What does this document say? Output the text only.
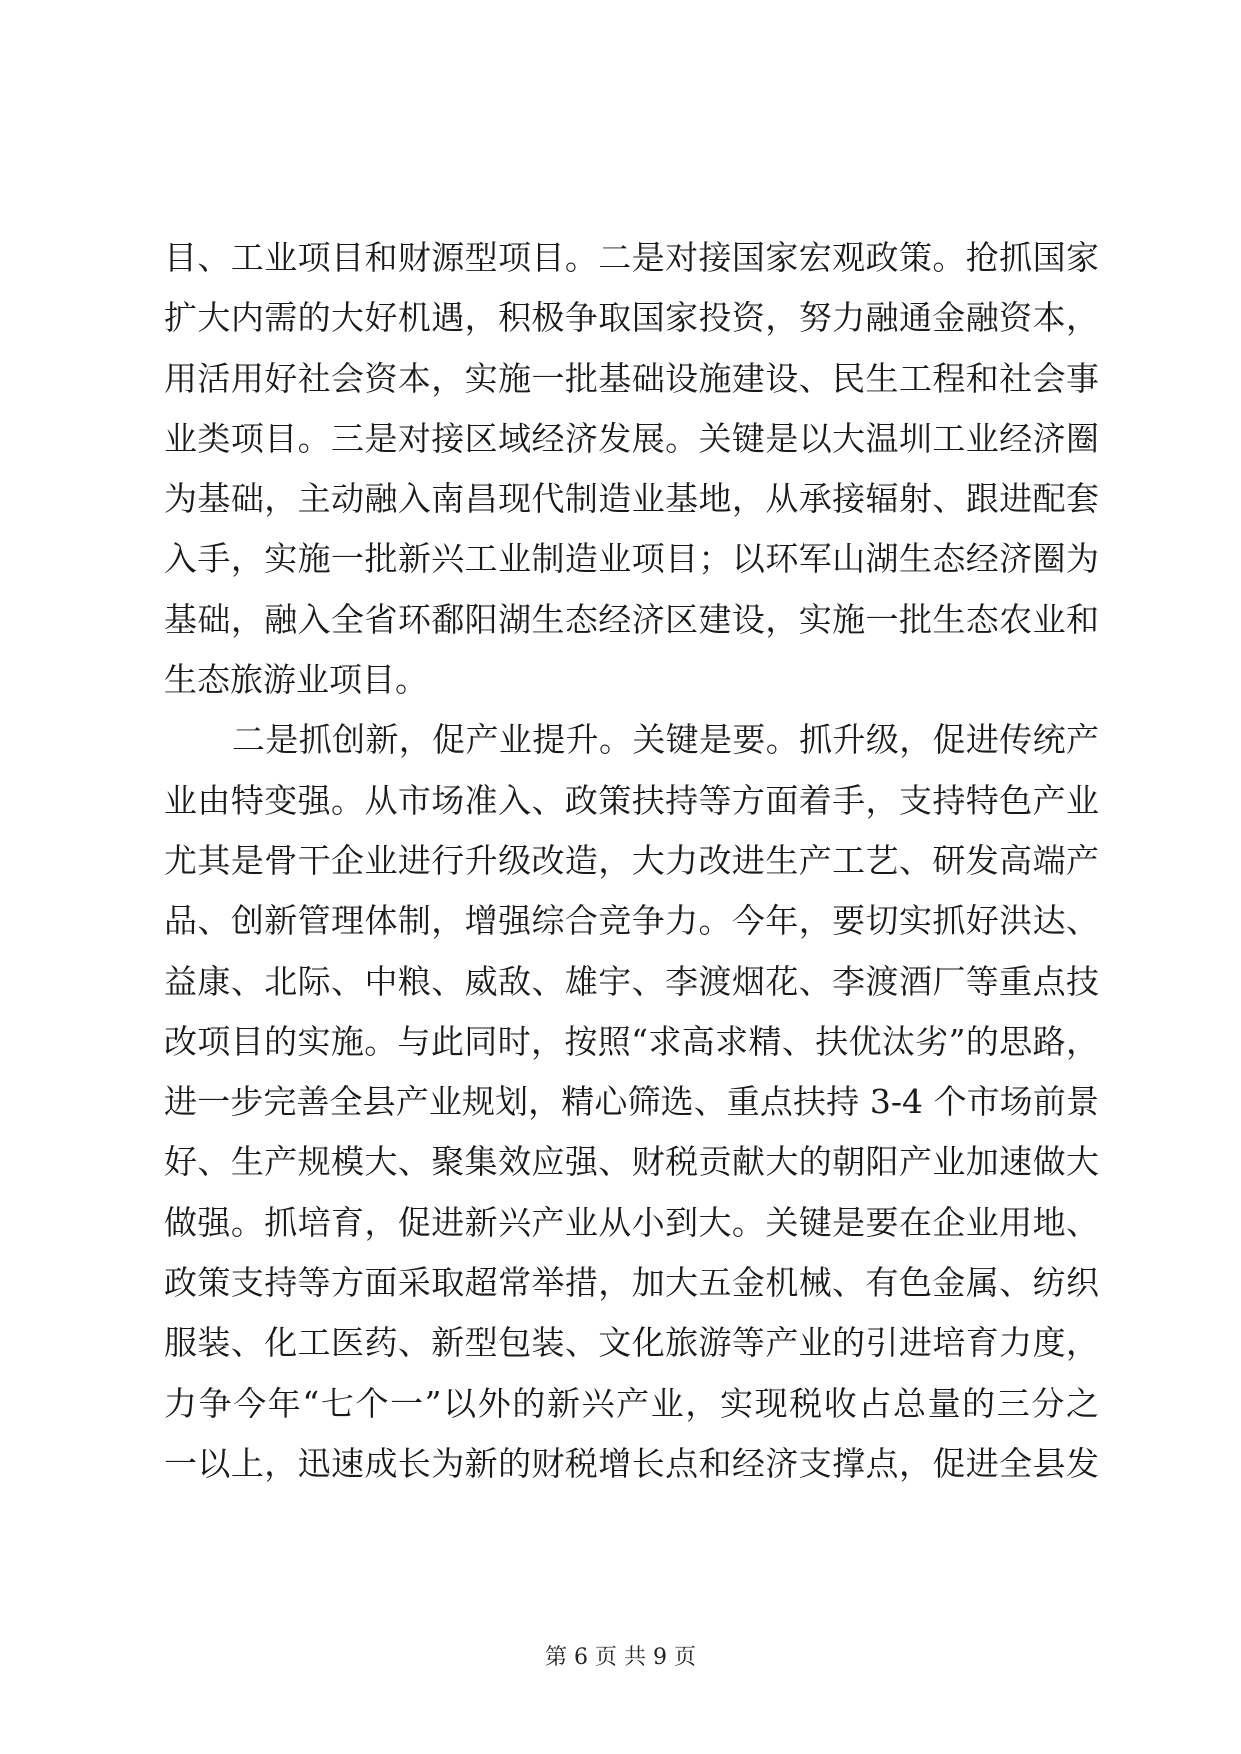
目、工业项目和财源型项目。二是对接国家宏观政策。抢抓国家
扩大内需的大好机遇，积极争取国家投资，努力融通金融资本，
用活用好社会资本，实施一批基础设施建设、民生工程和社会事
业类项目。三是对接区域经济发展。关键是以大温圳工业经济圈
为基础，主动融入南昌现代制造业基地，从承接辐射、跟进配套
入手，实施一批新兴工业制造业项目；以环军山湖生态经济圈为
基础，融入全省环鄱阳湖生态经济区建设，实施一批生态农业和
生态旅游业项目。
二是抓创新，促产业提升。关键是要。抓升级，促进传统产
业由特变强。从市场准入、政策扶持等方面着手，支持特色产业
尤其是骨干企业进行升级改造，大力改进生产工艺、研发高端产
品、创新管理体制，增强综合竞争力。今年，要切实抓好洪达、
益康、北际、中粮、威敌、雄宇、李渡烟花、李渡酒厂等重点技
改项目的实施。与此同时，按照“求高求精、扶优汰劣”的思路，
进一步完善全县产业规划，精心筛选、重点扶持 3-4 个市场前景
好、生产规模大、聚集效应强、财税贡献大的朝阳产业加速做大
做强。抓培育，促进新兴产业从小到大。关键是要在企业用地、
政策支持等方面采取超常举措，加大五金机械、有色金属、纺织
服装、化工医药、新型包装、文化旅游等产业的引进培育力度，
力争今年“七个一”以外的新兴产业，实现税收占总量的三分之
一以上，迅速成长为新的财税增长点和经济支撑点，促进全县发
第 6 页 共 9 页
